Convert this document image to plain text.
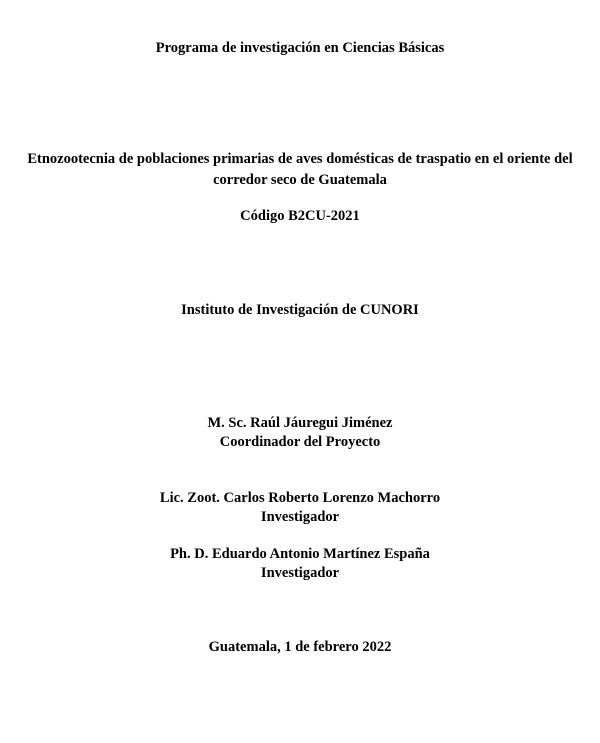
Programa de investigación en Ciencias Básicas

Etnozootecnia de poblaciones primarias de aves domésticas de traspatio en el oriente del

corredor seco de Guatemala

Código B2CU-2021

Instituto de Investigación de CUNORI

M. Sc. Raúl Jáuregui Jiménez

Coordinador del Proyecto

Lic. Zoot. Carlos Roberto Lorenzo Machorro

Investigador

Ph. D. Eduardo Antonio Martínez España

Investigador

Guatemala, 1 de febrero 2022
